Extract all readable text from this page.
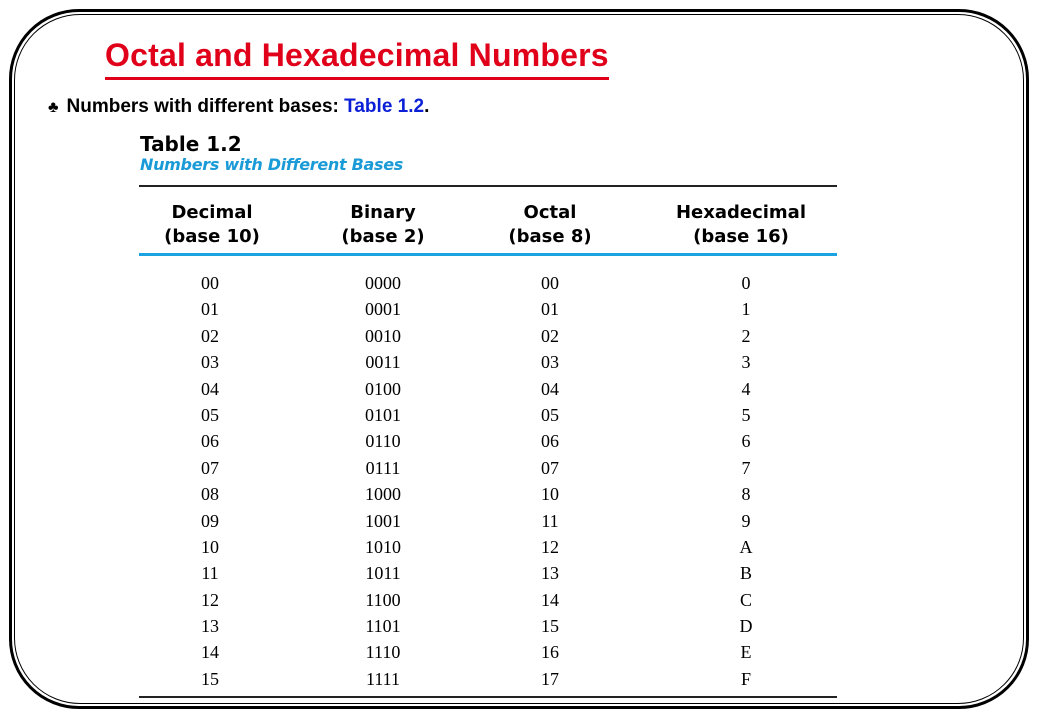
Octal and Hexadecimal Numbers
♣ Numbers with different bases: Table 1.2.
Table 1.2
Numbers with Different Bases
Decimal
(base 10)
Binary
(base 2)
Octal
(base 8)
Hexadecimal
(base 16)
00
01
02
03
04
05
06
07
08
09
10
11
12
13
14
15
0000
0001
0010
0011
0100
0101
0110
0111
1000
1001
1010
1011
1100
1101
1110
1111
00
01
02
03
04
05
06
07
10
11
12
13
14
15
16
17
0
1
2
3
4
5
6
7
8
9
A
B
C
D
E
F
